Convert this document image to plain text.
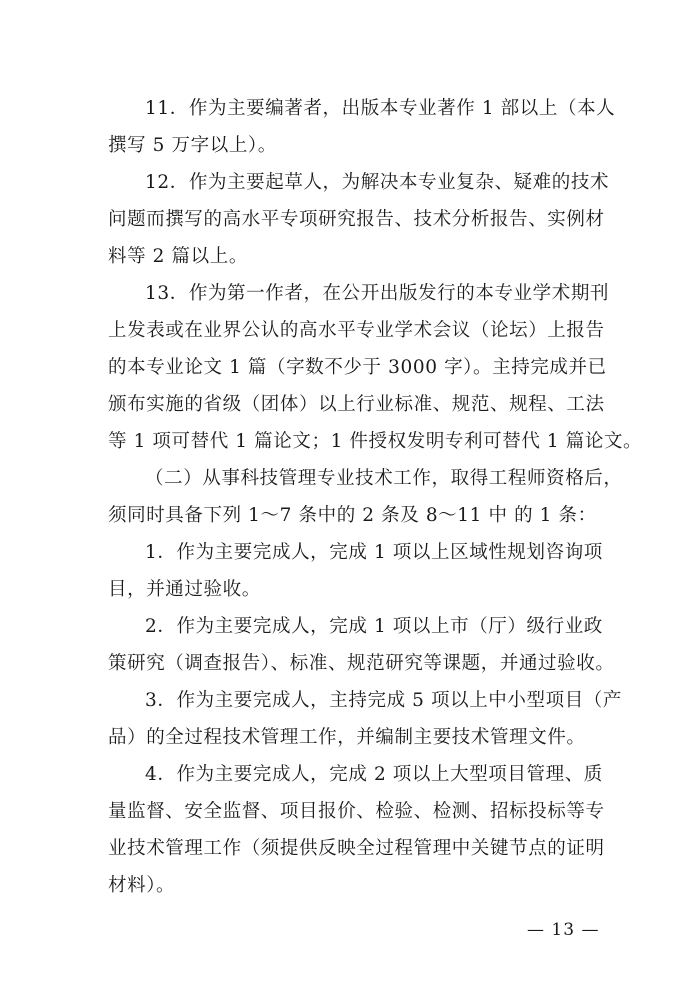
11．作为主要编著者，出版本专业著作 1 部以上（本人
撰写 5 万字以上）。

12．作为主要起草人，为解决本专业复杂、疑难的技术
问题而撰写的高水平专项研究报告、技术分析报告、实例材
料等 2 篇以上。

13．作为第一作者，在公开出版发行的本专业学术期刊
上发表或在业界公认的高水平专业学术会议（论坛）上报告
的本专业论文 1 篇（字数不少于 3000 字）。主持完成并已
颁布实施的省级（团体）以上行业标准、规范、规程、工法
等 1 项可替代 1 篇论文；1 件授权发明专利可替代 1 篇论文。

（二）从事科技管理专业技术工作，取得工程师资格后，
须同时具备下列 1～7 条中的 2 条及 8～11 中 的 1 条：

1．作为主要完成人，完成 1 项以上区域性规划咨询项
目，并通过验收。

2．作为主要完成人，完成 1 项以上市（厅）级行业政
策研究（调查报告）、标准、规范研究等课题，并通过验收。

3．作为主要完成人，主持完成 5 项以上中小型项目（产
品）的全过程技术管理工作，并编制主要技术管理文件。

4．作为主要完成人，完成 2 项以上大型项目管理、质
量监督、安全监督、项目报价、检验、检测、招标投标等专
业技术管理工作（须提供反映全过程管理中关键节点的证明
材料）。

— 13 —
